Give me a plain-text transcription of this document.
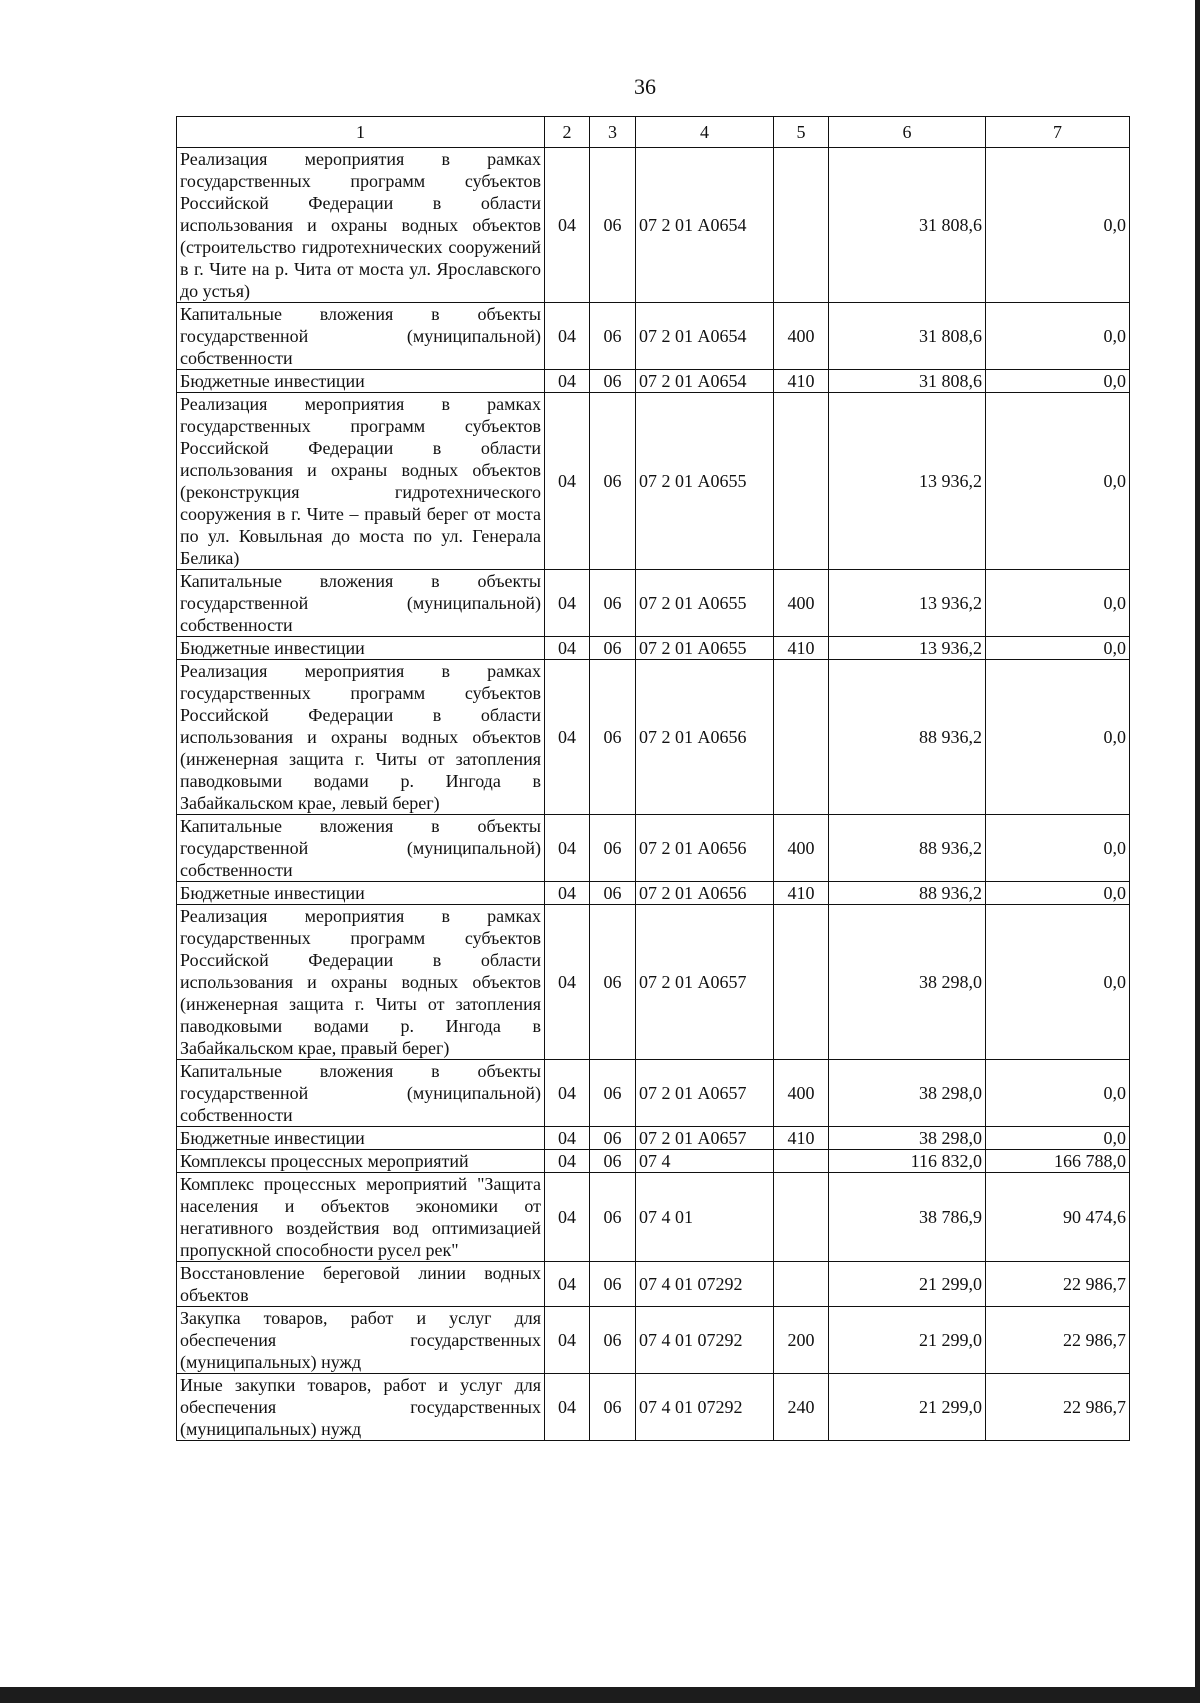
36
1	2	3	4	5	6	7
Реализация мероприятия в рамках государственных программ субъектов Российской Федерации в области использования и охраны водных объектов (строительство гидротехнических сооружений в г. Чите на р. Чита от моста ул. Ярославского до устья)	04	06	07 2 01 А0654		31 808,6	0,0
Капитальные вложения в объекты государственной (муниципальной) собственности	04	06	07 2 01 А0654	400	31 808,6	0,0
Бюджетные инвестиции	04	06	07 2 01 А0654	410	31 808,6	0,0
Реализация мероприятия в рамках государственных программ субъектов Российской Федерации в области использования и охраны водных объектов (реконструкция гидротехнического сооружения в г. Чите – правый берег от моста по ул. Ковыльная до моста по ул. Генерала Белика)	04	06	07 2 01 А0655		13 936,2	0,0
Капитальные вложения в объекты государственной (муниципальной) собственности	04	06	07 2 01 А0655	400	13 936,2	0,0
Бюджетные инвестиции	04	06	07 2 01 А0655	410	13 936,2	0,0
Реализация мероприятия в рамках государственных программ субъектов Российской Федерации в области использования и охраны водных объектов (инженерная защита г. Читы от затопления паводковыми водами р. Ингода в Забайкальском крае, левый берег)	04	06	07 2 01 А0656		88 936,2	0,0
Капитальные вложения в объекты государственной (муниципальной) собственности	04	06	07 2 01 А0656	400	88 936,2	0,0
Бюджетные инвестиции	04	06	07 2 01 А0656	410	88 936,2	0,0
Реализация мероприятия в рамках государственных программ субъектов Российской Федерации в области использования и охраны водных объектов (инженерная защита г. Читы от затопления паводковыми водами р. Ингода в Забайкальском крае, правый берег)	04	06	07 2 01 А0657		38 298,0	0,0
Капитальные вложения в объекты государственной (муниципальной) собственности	04	06	07 2 01 А0657	400	38 298,0	0,0
Бюджетные инвестиции	04	06	07 2 01 А0657	410	38 298,0	0,0
Комплексы процессных мероприятий	04	06	07 4		116 832,0	166 788,0
Комплекс процессных мероприятий "Защита населения и объектов экономики от негативного воздействия вод оптимизацией пропускной способности русел рек"	04	06	07 4 01		38 786,9	90 474,6
Восстановление береговой линии водных объектов	04	06	07 4 01 07292		21 299,0	22 986,7
Закупка товаров, работ и услуг для обеспечения государственных (муниципальных) нужд	04	06	07 4 01 07292	200	21 299,0	22 986,7
Иные закупки товаров, работ и услуг для обеспечения государственных (муниципальных) нужд	04	06	07 4 01 07292	240	21 299,0	22 986,7
